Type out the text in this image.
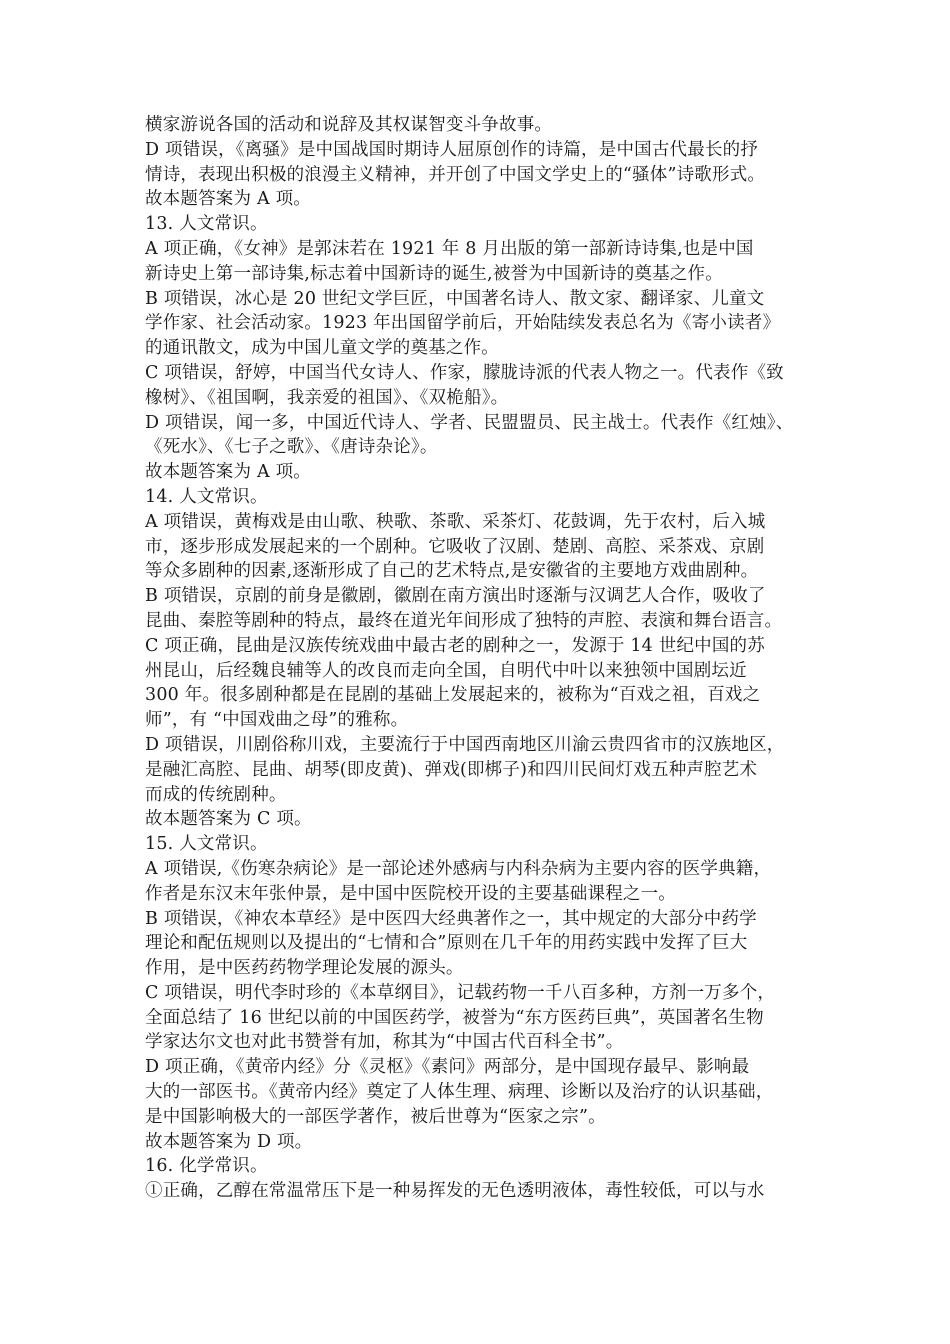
横家游说各国的活动和说辞及其权谋智变斗争故事。
D 项错误，《离骚》是中国战国时期诗人屈原创作的诗篇，是中国古代最长的抒
情诗，表现出积极的浪漫主义精神，并开创了中国文学史上的“骚体”诗歌形式。
故本题答案为 A 项。
13. 人文常识。
A 项正确，《女神》是郭沫若在 1921 年 8 月出版的第一部新诗诗集,也是中国
新诗史上第一部诗集,标志着中国新诗的诞生,被誉为中国新诗的奠基之作。
B 项错误，冰心是 20 世纪文学巨匠，中国著名诗人、散文家、翻译家、儿童文
学作家、社会活动家。1923 年出国留学前后，开始陆续发表总名为《寄小读者》
的通讯散文，成为中国儿童文学的奠基之作。
C 项错误，舒婷，中国当代女诗人、作家，朦胧诗派的代表人物之一。代表作《致
橡树》、《祖国啊，我亲爱的祖国》、《双桅船》。
D 项错误，闻一多，中国近代诗人、学者、民盟盟员、民主战士。代表作《红烛》、
《死水》、《七子之歌》、《唐诗杂论》。
故本题答案为 A 项。
14. 人文常识。
A 项错误，黄梅戏是由山歌、秧歌、茶歌、采茶灯、花鼓调，先于农村，后入城
市，逐步形成发展起来的一个剧种。它吸收了汉剧、楚剧、高腔、采茶戏、京剧
等众多剧种的因素,逐渐形成了自己的艺术特点,是安徽省的主要地方戏曲剧种。
B 项错误，京剧的前身是徽剧，徽剧在南方演出时逐渐与汉调艺人合作，吸收了
昆曲、秦腔等剧种的特点，最终在道光年间形成了独特的声腔、表演和舞台语言。
C 项正确，昆曲是汉族传统戏曲中最古老的剧种之一，发源于 14 世纪中国的苏
州昆山，后经魏良辅等人的改良而走向全国，自明代中叶以来独领中国剧坛近
300 年。很多剧种都是在昆剧的基础上发展起来的，被称为“百戏之祖，百戏之
师”，有 “中国戏曲之母”的雅称。
D 项错误，川剧俗称川戏，主要流行于中国西南地区川渝云贵四省市的汉族地区，
是融汇高腔、昆曲、胡琴(即皮黄)、弹戏(即梆子)和四川民间灯戏五种声腔艺术
而成的传统剧种。
故本题答案为 C 项。
15. 人文常识。
A 项错误,《伤寒杂病论》是一部论述外感病与内科杂病为主要内容的医学典籍，
作者是东汉末年张仲景，是中国中医院校开设的主要基础课程之一。
B 项错误，《神农本草经》是中医四大经典著作之一，其中规定的大部分中药学
理论和配伍规则以及提出的“七情和合”原则在几千年的用药实践中发挥了巨大
作用，是中医药药物学理论发展的源头。
C 项错误，明代李时珍的《本草纲目》，记载药物一千八百多种，方剂一万多个，
全面总结了 16 世纪以前的中国医药学，被誉为“东方医药巨典”，英国著名生物
学家达尔文也对此书赞誉有加，称其为“中国古代百科全书”。
D 项正确，《黄帝内经》分《灵枢》《素问》两部分，是中国现存最早、影响最
大的一部医书。《黄帝内经》奠定了人体生理、病理、诊断以及治疗的认识基础，
是中国影响极大的一部医学著作，被后世尊为“医家之宗”。
故本题答案为 D 项。
16. 化学常识。
①正确，乙醇在常温常压下是一种易挥发的无色透明液体，毒性较低，可以与水
